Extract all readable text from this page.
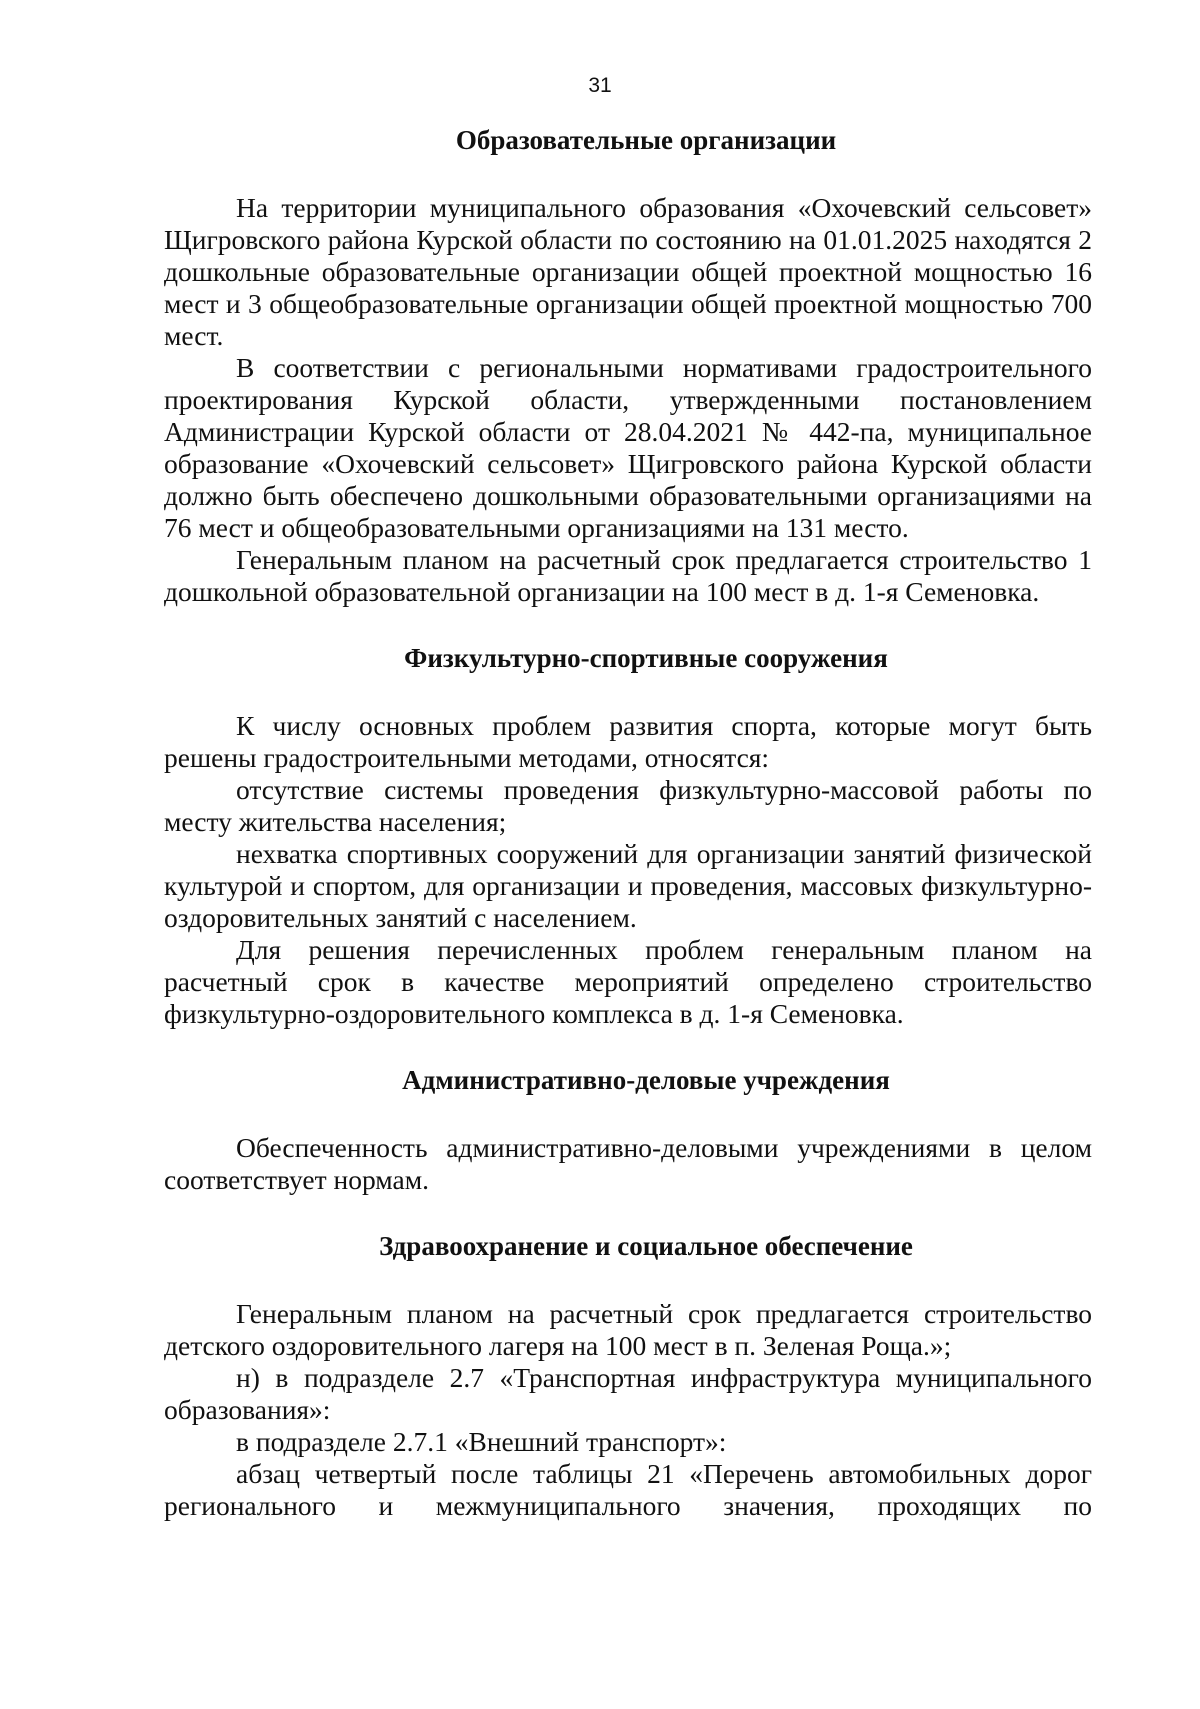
31
Образовательные организации

На территории муниципального образования «Охочевский сельсовет» Щигровского района Курской области по состоянию на 01.01.2025 находятся 2 дошкольные образовательные организации общей проектной мощностью 16 мест и 3 общеобразовательные организации общей проектной мощностью 700 мест.

В соответствии с региональными нормативами градостроительного проектирования Курской области, утвержденными постановлением Администрации Курской области от 28.04.2021 № 442-па, муниципальное образование «Охочевский сельсовет» Щигровского района Курской области должно быть обеспечено дошкольными образовательными организациями на 76 мест и общеобразовательными организациями на 131 место.

Генеральным планом на расчетный срок предлагается строительство 1 дошкольной образовательной организации на 100 мест в д. 1-я Семеновка.

Физкультурно-спортивные сооружения

К числу основных проблем развития спорта, которые могут быть решены градостроительными методами, относятся:

отсутствие системы проведения физкультурно-массовой работы по месту жительства населения;

нехватка спортивных сооружений для организации занятий физической культурой и спортом, для организации и проведения, массовых физкультурно-оздоровительных занятий с населением.

Для решения перечисленных проблем генеральным планом на расчетный срок в качестве мероприятий определено строительство физкультурно-оздоровительного комплекса в д. 1-я Семеновка.

Административно-деловые учреждения

Обеспеченность административно-деловыми учреждениями в целом соответствует нормам.

Здравоохранение и социальное обеспечение

Генеральным планом на расчетный срок предлагается строительство детского оздоровительного лагеря на 100 мест в п. Зеленая Роща.»;

н) в подразделе 2.7 «Транспортная инфраструктура муниципального образования»:

в подразделе 2.7.1 «Внешний транспорт»:

абзац четвертый после таблицы 21 «Перечень автомобильных дорог регионального и межмуниципального значения, проходящих по
